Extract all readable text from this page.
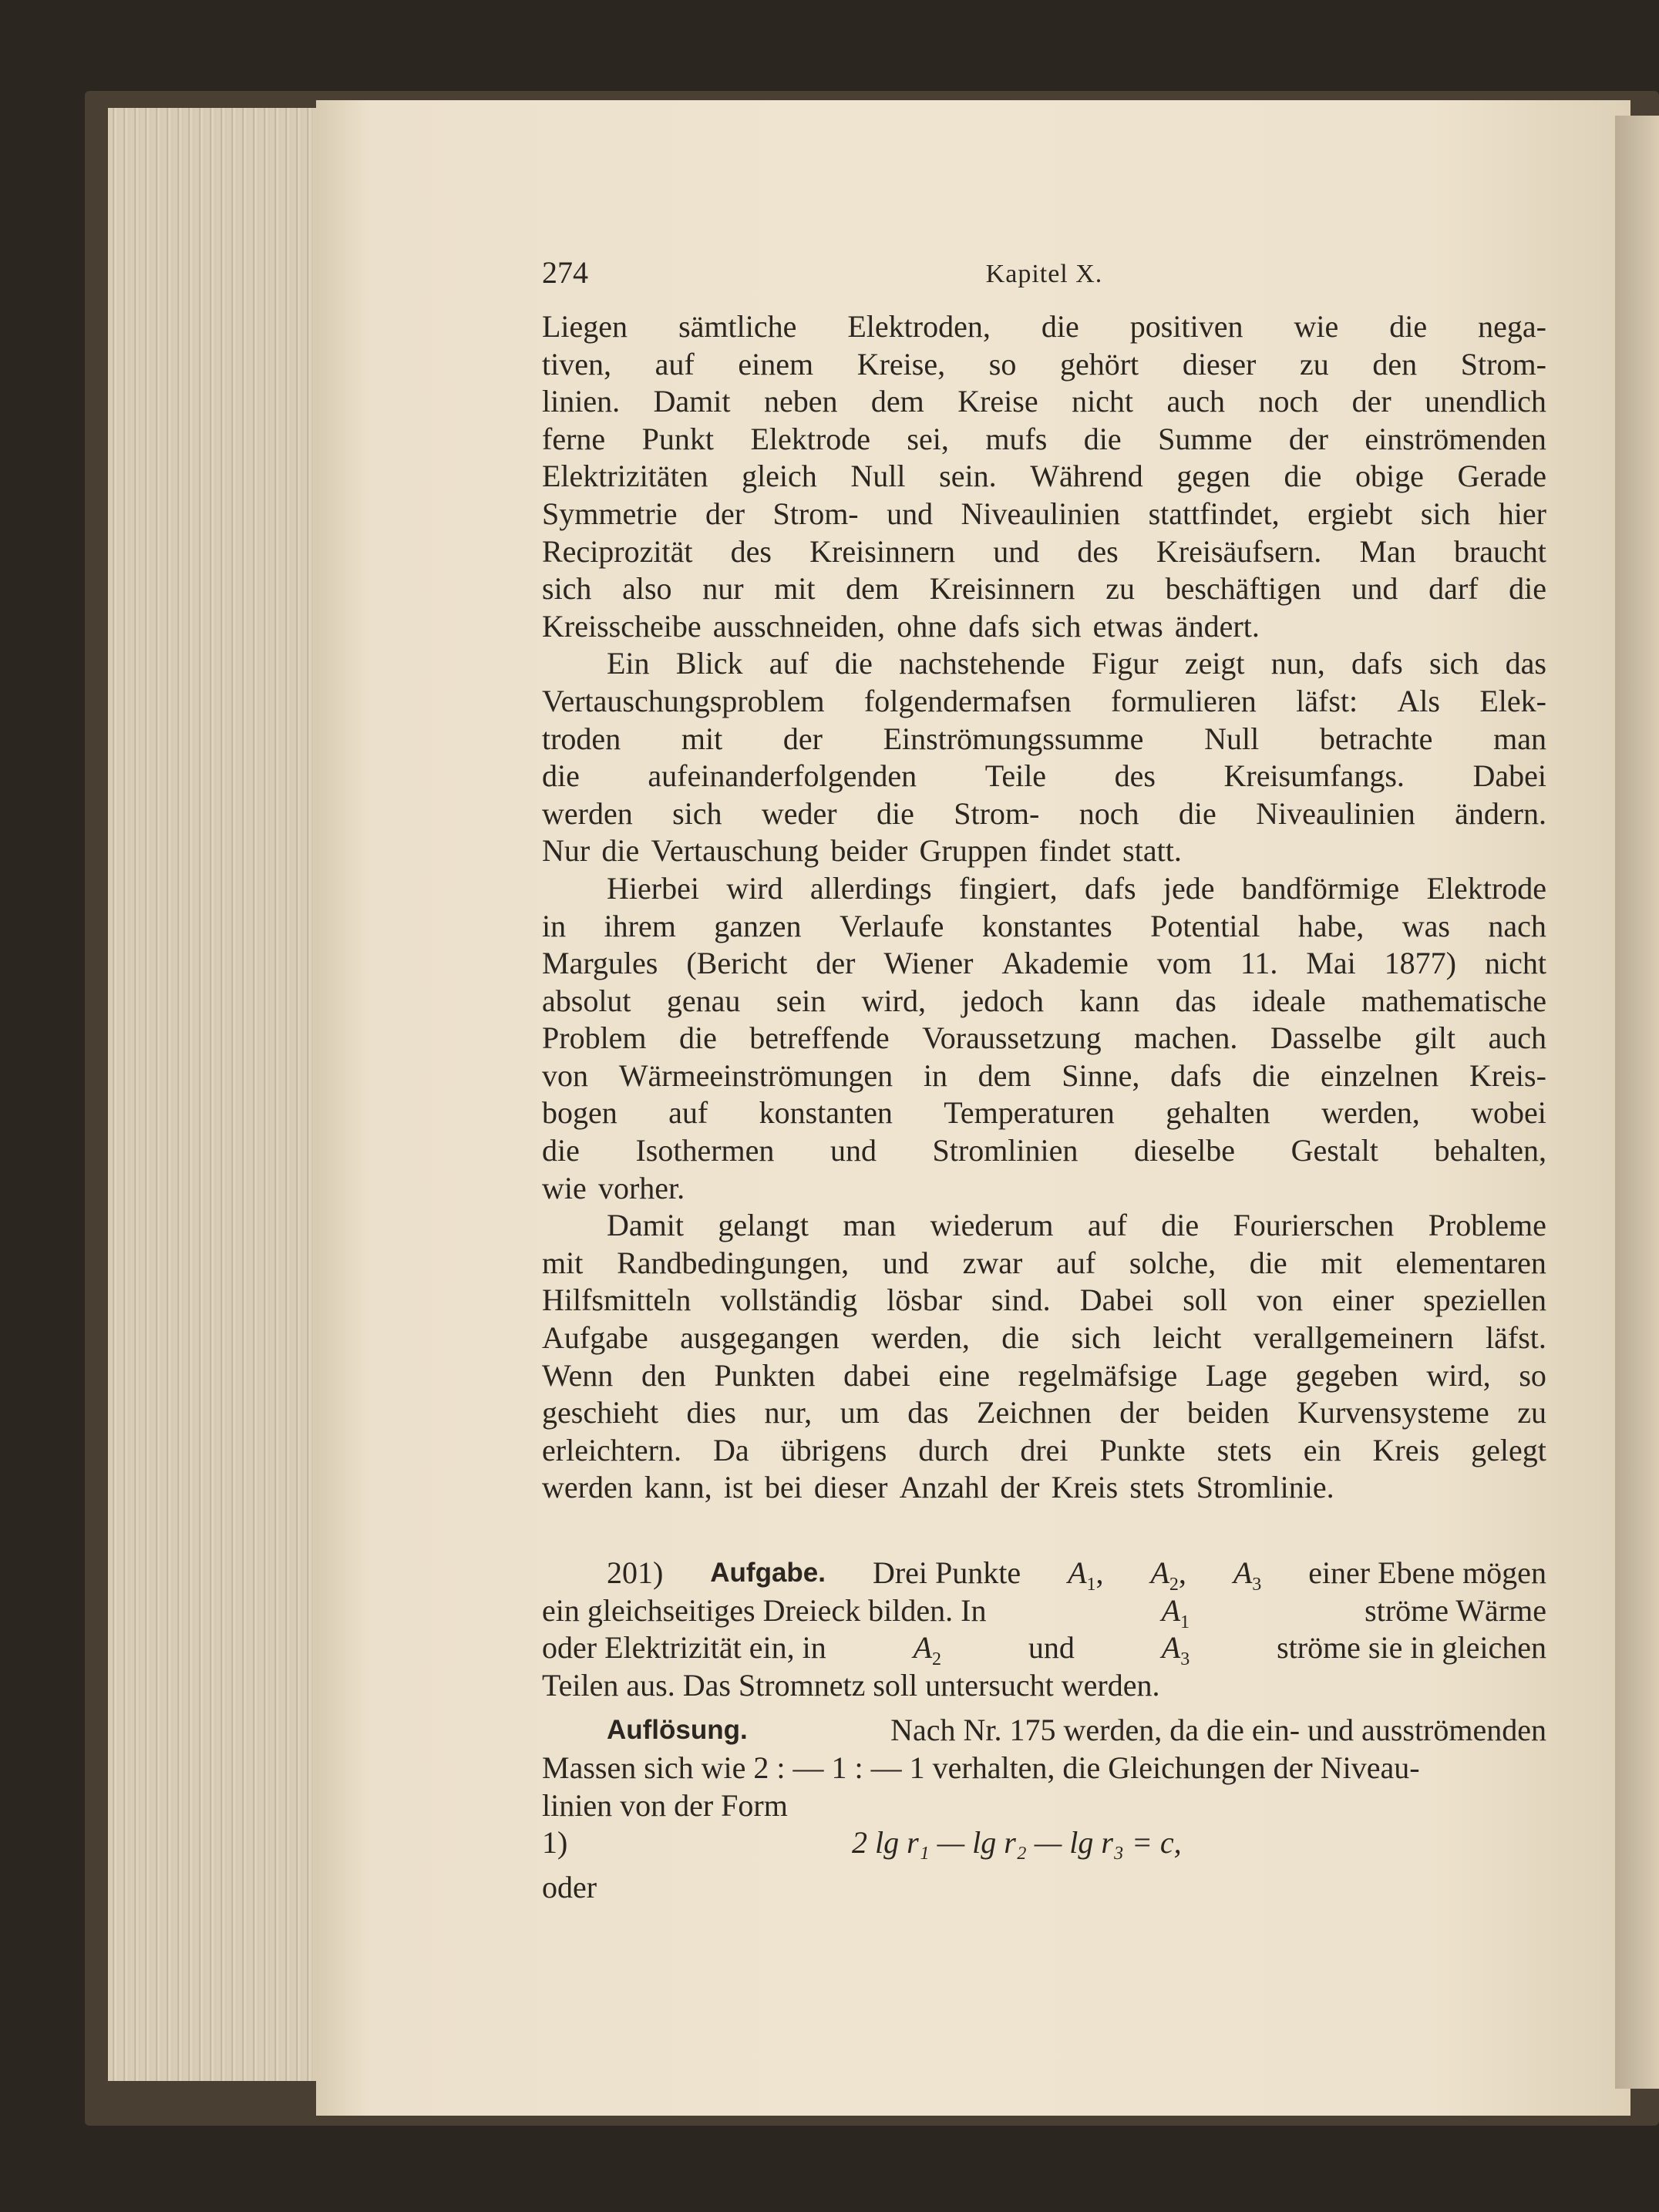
274	Kapitel X.
Liegen sämtliche Elektroden, die positiven wie die nega-
tiven, auf einem Kreise, so gehört dieser zu den Strom-
linien. Damit neben dem Kreise nicht auch noch der unendlich
ferne Punkt Elektrode sei, mufs die Summe der einströmenden
Elektrizitäten gleich Null sein. Während gegen die obige Gerade
Symmetrie der Strom- und Niveaulinien stattfindet, ergiebt sich hier
Reciprozität des Kreisinnern und des Kreisäufsern. Man braucht
sich also nur mit dem Kreisinnern zu beschäftigen und darf die
Kreisscheibe ausschneiden, ohne dafs sich etwas ändert.
Ein Blick auf die nachstehende Figur zeigt nun, dafs sich das
Vertauschungsproblem folgendermafsen formulieren läfst: Als Elek-
troden mit der Einströmungssumme Null betrachte man
die aufeinanderfolgenden Teile des Kreisumfangs. Dabei
werden sich weder die Strom- noch die Niveaulinien ändern.
Nur die Vertauschung beider Gruppen findet statt.
Hierbei wird allerdings fingiert, dafs jede bandförmige Elektrode
in ihrem ganzen Verlaufe konstantes Potential habe, was nach
Margules (Bericht der Wiener Akademie vom 11. Mai 1877) nicht
absolut genau sein wird, jedoch kann das ideale mathematische
Problem die betreffende Voraussetzung machen. Dasselbe gilt auch
von Wärmeeinströmungen in dem Sinne, dafs die einzelnen Kreis-
bogen auf konstanten Temperaturen gehalten werden, wobei
die Isothermen und Stromlinien dieselbe Gestalt behalten,
wie vorher.
Damit gelangt man wiederum auf die Fourierschen Probleme
mit Randbedingungen, und zwar auf solche, die mit elementaren
Hilfsmitteln vollständig lösbar sind. Dabei soll von einer speziellen
Aufgabe ausgegangen werden, die sich leicht verallgemeinern läfst.
Wenn den Punkten dabei eine regelmäfsige Lage gegeben wird, so
geschieht dies nur, um das Zeichnen der beiden Kurvensysteme zu
erleichtern. Da übrigens durch drei Punkte stets ein Kreis gelegt
werden kann, ist bei dieser Anzahl der Kreis stets Stromlinie.
201) Aufgabe. Drei Punkte $A_1$, $A_2$, $A_3$ einer Ebene mögen
ein gleichseitiges Dreieck bilden. In	$A_1$	ströme Wärme
oder Elektrizität ein, in	$A_2$	und	$A_3$	ströme sie in gleichen
Teilen aus. Das Stromnetz soll untersucht werden.
Auflösung.	Nach Nr. 175 werden, da die ein- und ausströmenden
Massen sich wie 2 : — 1 : — 1 verhalten, die Gleichungen der Niveau-
linien von der Form
1)	2 lg r₁ — lg r₂ — lg r₃ = c,
oder
